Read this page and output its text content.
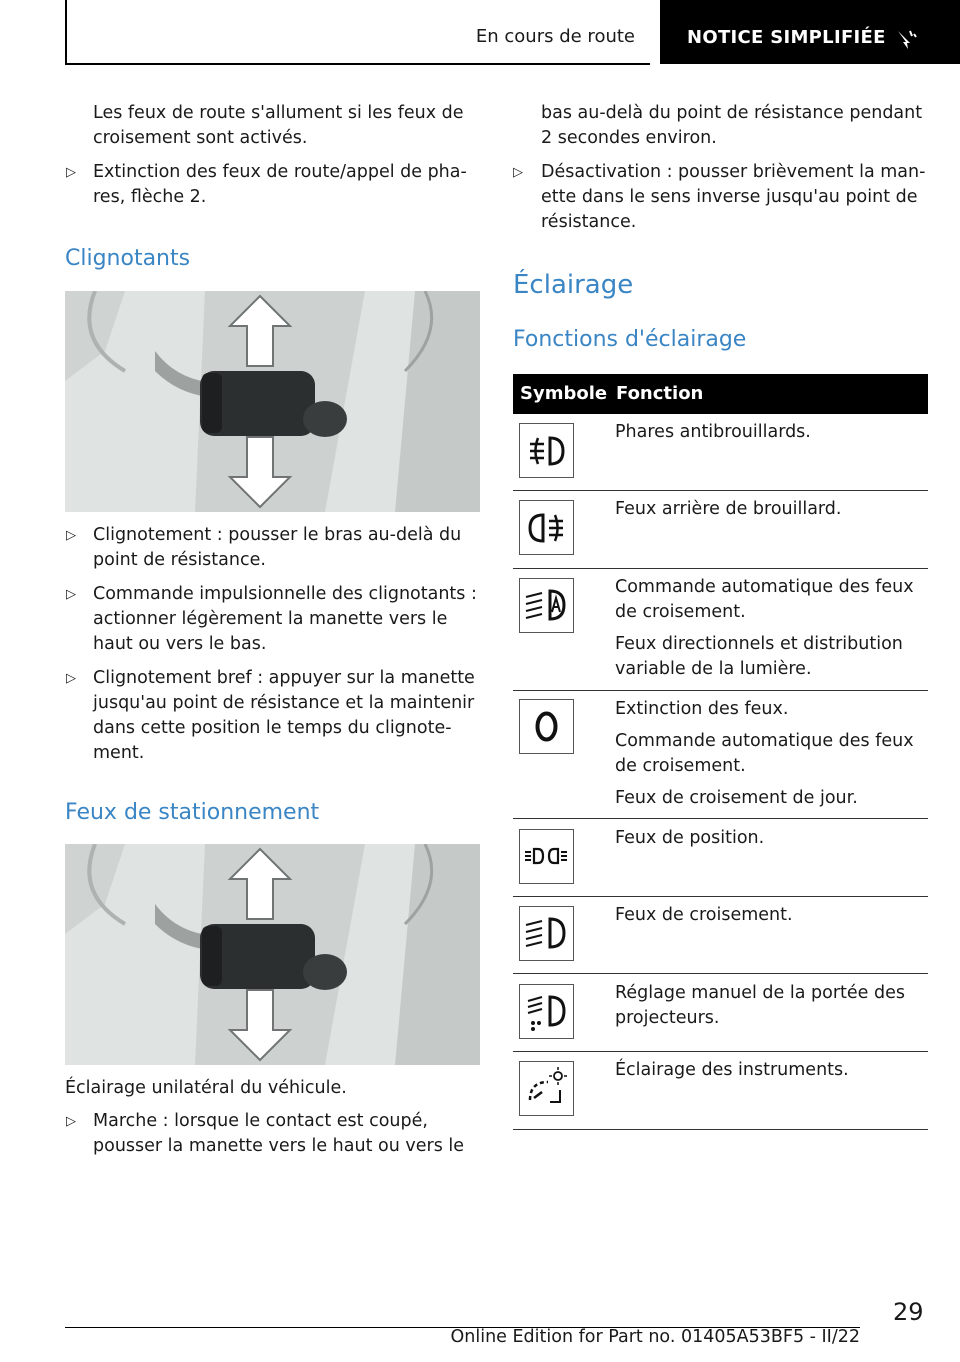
En cours de route	NOTICE SIMPLIFIÉE
Les feux de route s'allument si les feux de
croisement sont activés.
▷ Extinction des feux de route/appel de pha-
res, flèche 2.
Clignotants
▷ Clignotement : pousser le bras au-delà du
point de résistance.
▷ Commande impulsionnelle des clignotants :
actionner légèrement la manette vers le
haut ou vers le bas.
▷ Clignotement bref : appuyer sur la manette
jusqu'au point de résistance et la maintenir
dans cette position le temps du clignote-
ment.
Feux de stationnement
Éclairage unilatéral du véhicule.
▷ Marche : lorsque le contact est coupé,
pousser la manette vers le haut ou vers le
bas au-delà du point de résistance pendant
2 secondes environ.
▷ Désactivation : pousser brièvement la man-
ette dans le sens inverse jusqu'au point de
résistance.
Éclairage
Fonctions d'éclairage
Symbole Fonction
Phares antibrouillards.
Feux arrière de brouillard.
Commande automatique des feux
de croisement.
Feux directionnels et distribution
variable de la lumière.
Extinction des feux.
Commande automatique des feux
de croisement.
Feux de croisement de jour.
Feux de position.
Feux de croisement.
Réglage manuel de la portée des
projecteurs.
Éclairage des instruments.
29
Online Edition for Part no. 01405A53BF5 - II/22
